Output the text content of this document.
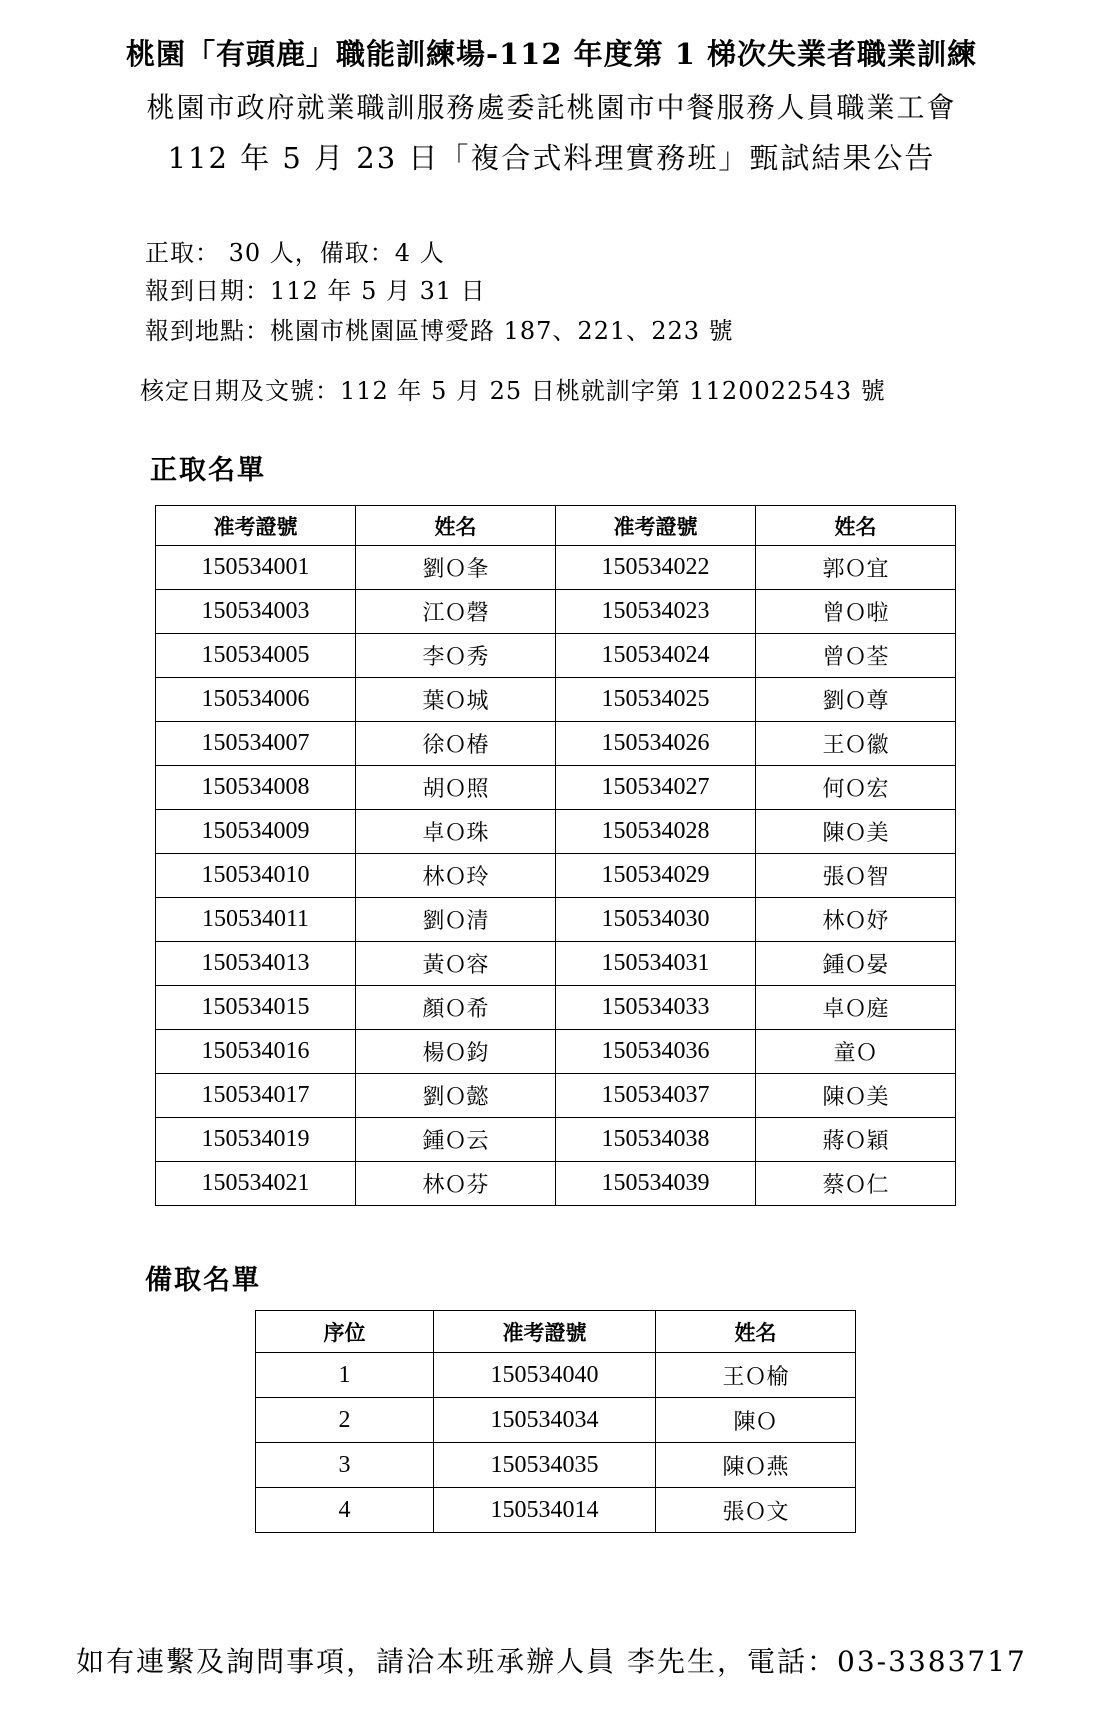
桃園「有頭鹿」職能訓練場-112 年度第 1 梯次失業者職業訓練
桃園市政府就業職訓服務處委託桃園市中餐服務人員職業工會
112 年 5 月 23 日「複合式料理實務班」甄試結果公告
正取： 30 人，備取：4 人
報到日期：112 年 5 月 31 日
報到地點：桃園市桃園區博愛路 187、221、223 號
核定日期及文號：112 年 5 月 25 日桃就訓字第 1120022543 號
正取名單
准考證號	姓名	准考證號	姓名
150534001	劉Ｏ夆	150534022	郭Ｏ宜
150534003	江Ｏ磬	150534023	曾Ｏ啦
150534005	李Ｏ秀	150534024	曾Ｏ荃
150534006	葉Ｏ城	150534025	劉Ｏ尊
150534007	徐Ｏ椿	150534026	王Ｏ徽
150534008	胡Ｏ照	150534027	何Ｏ宏
150534009	卓Ｏ珠	150534028	陳Ｏ美
150534010	林Ｏ玲	150534029	張Ｏ智
150534011	劉Ｏ清	150534030	林Ｏ妤
150534013	黃Ｏ容	150534031	鍾Ｏ晏
150534015	顏Ｏ希	150534033	卓Ｏ庭
150534016	楊Ｏ鈞	150534036	童Ｏ
150534017	劉Ｏ懿	150534037	陳Ｏ美
150534019	鍾Ｏ云	150534038	蔣Ｏ穎
150534021	林Ｏ芬	150534039	蔡Ｏ仁
備取名單
序位	准考證號	姓名
1	150534040	王Ｏ榆
2	150534034	陳Ｏ
3	150534035	陳Ｏ燕
4	150534014	張Ｏ文
如有連繫及詢問事項，請洽本班承辦人員 李先生，電話：03-3383717
